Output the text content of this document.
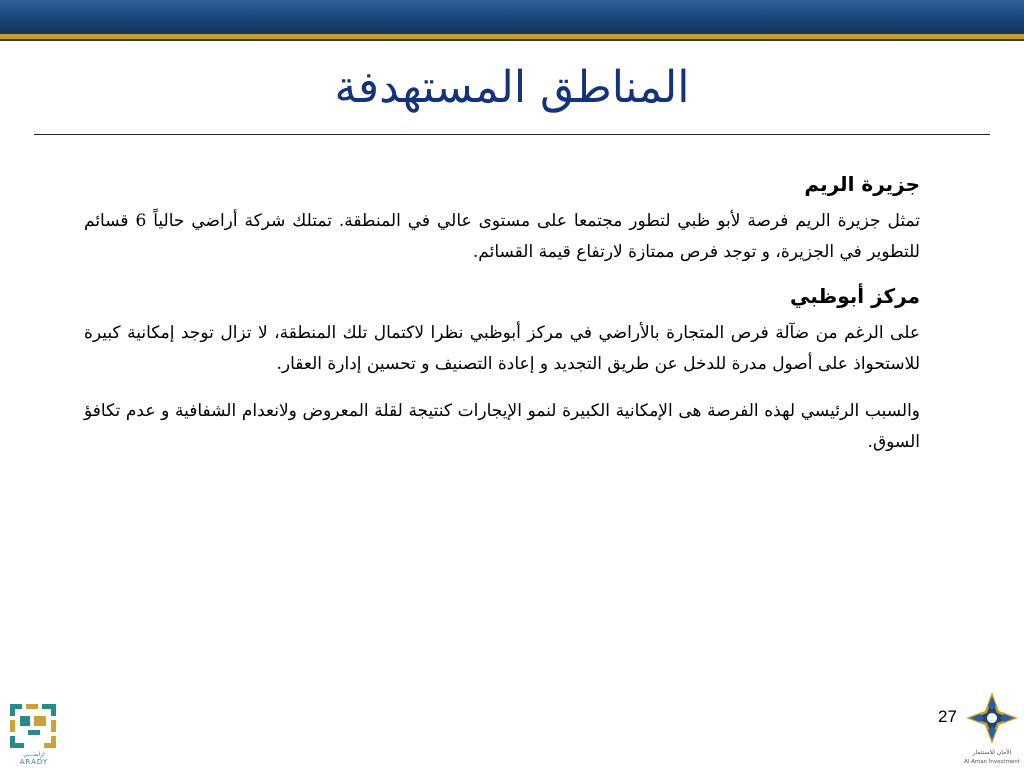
المناطق المستهدفة
جزيرة الريم

تمثل جزيرة الريم فرصة لأبو ظبي لتطور مجتمعا على مستوى عالي في المنطقة. تمتلك شركة أراضي حالياً 6 قسائم للتطوير في الجزيرة، و توجد فرص ممتازة لارتفاع قيمة القسائم.

مركز أبوظبي

على الرغم من ضآلة فرص المتجارة بالأراضي في مركز أبوظبي نظرا لاكتمال تلك المنطقة، لا تزال توجد إمكانية كبيرة للاستحواذ على أصول مدرة للدخل عن طريق التجديد و إعادة التصنيف و تحسين إدارة العقار.

والسبب الرئيسي لهذه الفرصة هى الإمكانية الكبيرة لنمو الإيجارات كنتيجة لقلة المعروض ولانعدام الشفافية و عدم تكافؤ السوق.

27
اراضـــي
ARADY
الأمان للاستثمار
Al Aman Investment
